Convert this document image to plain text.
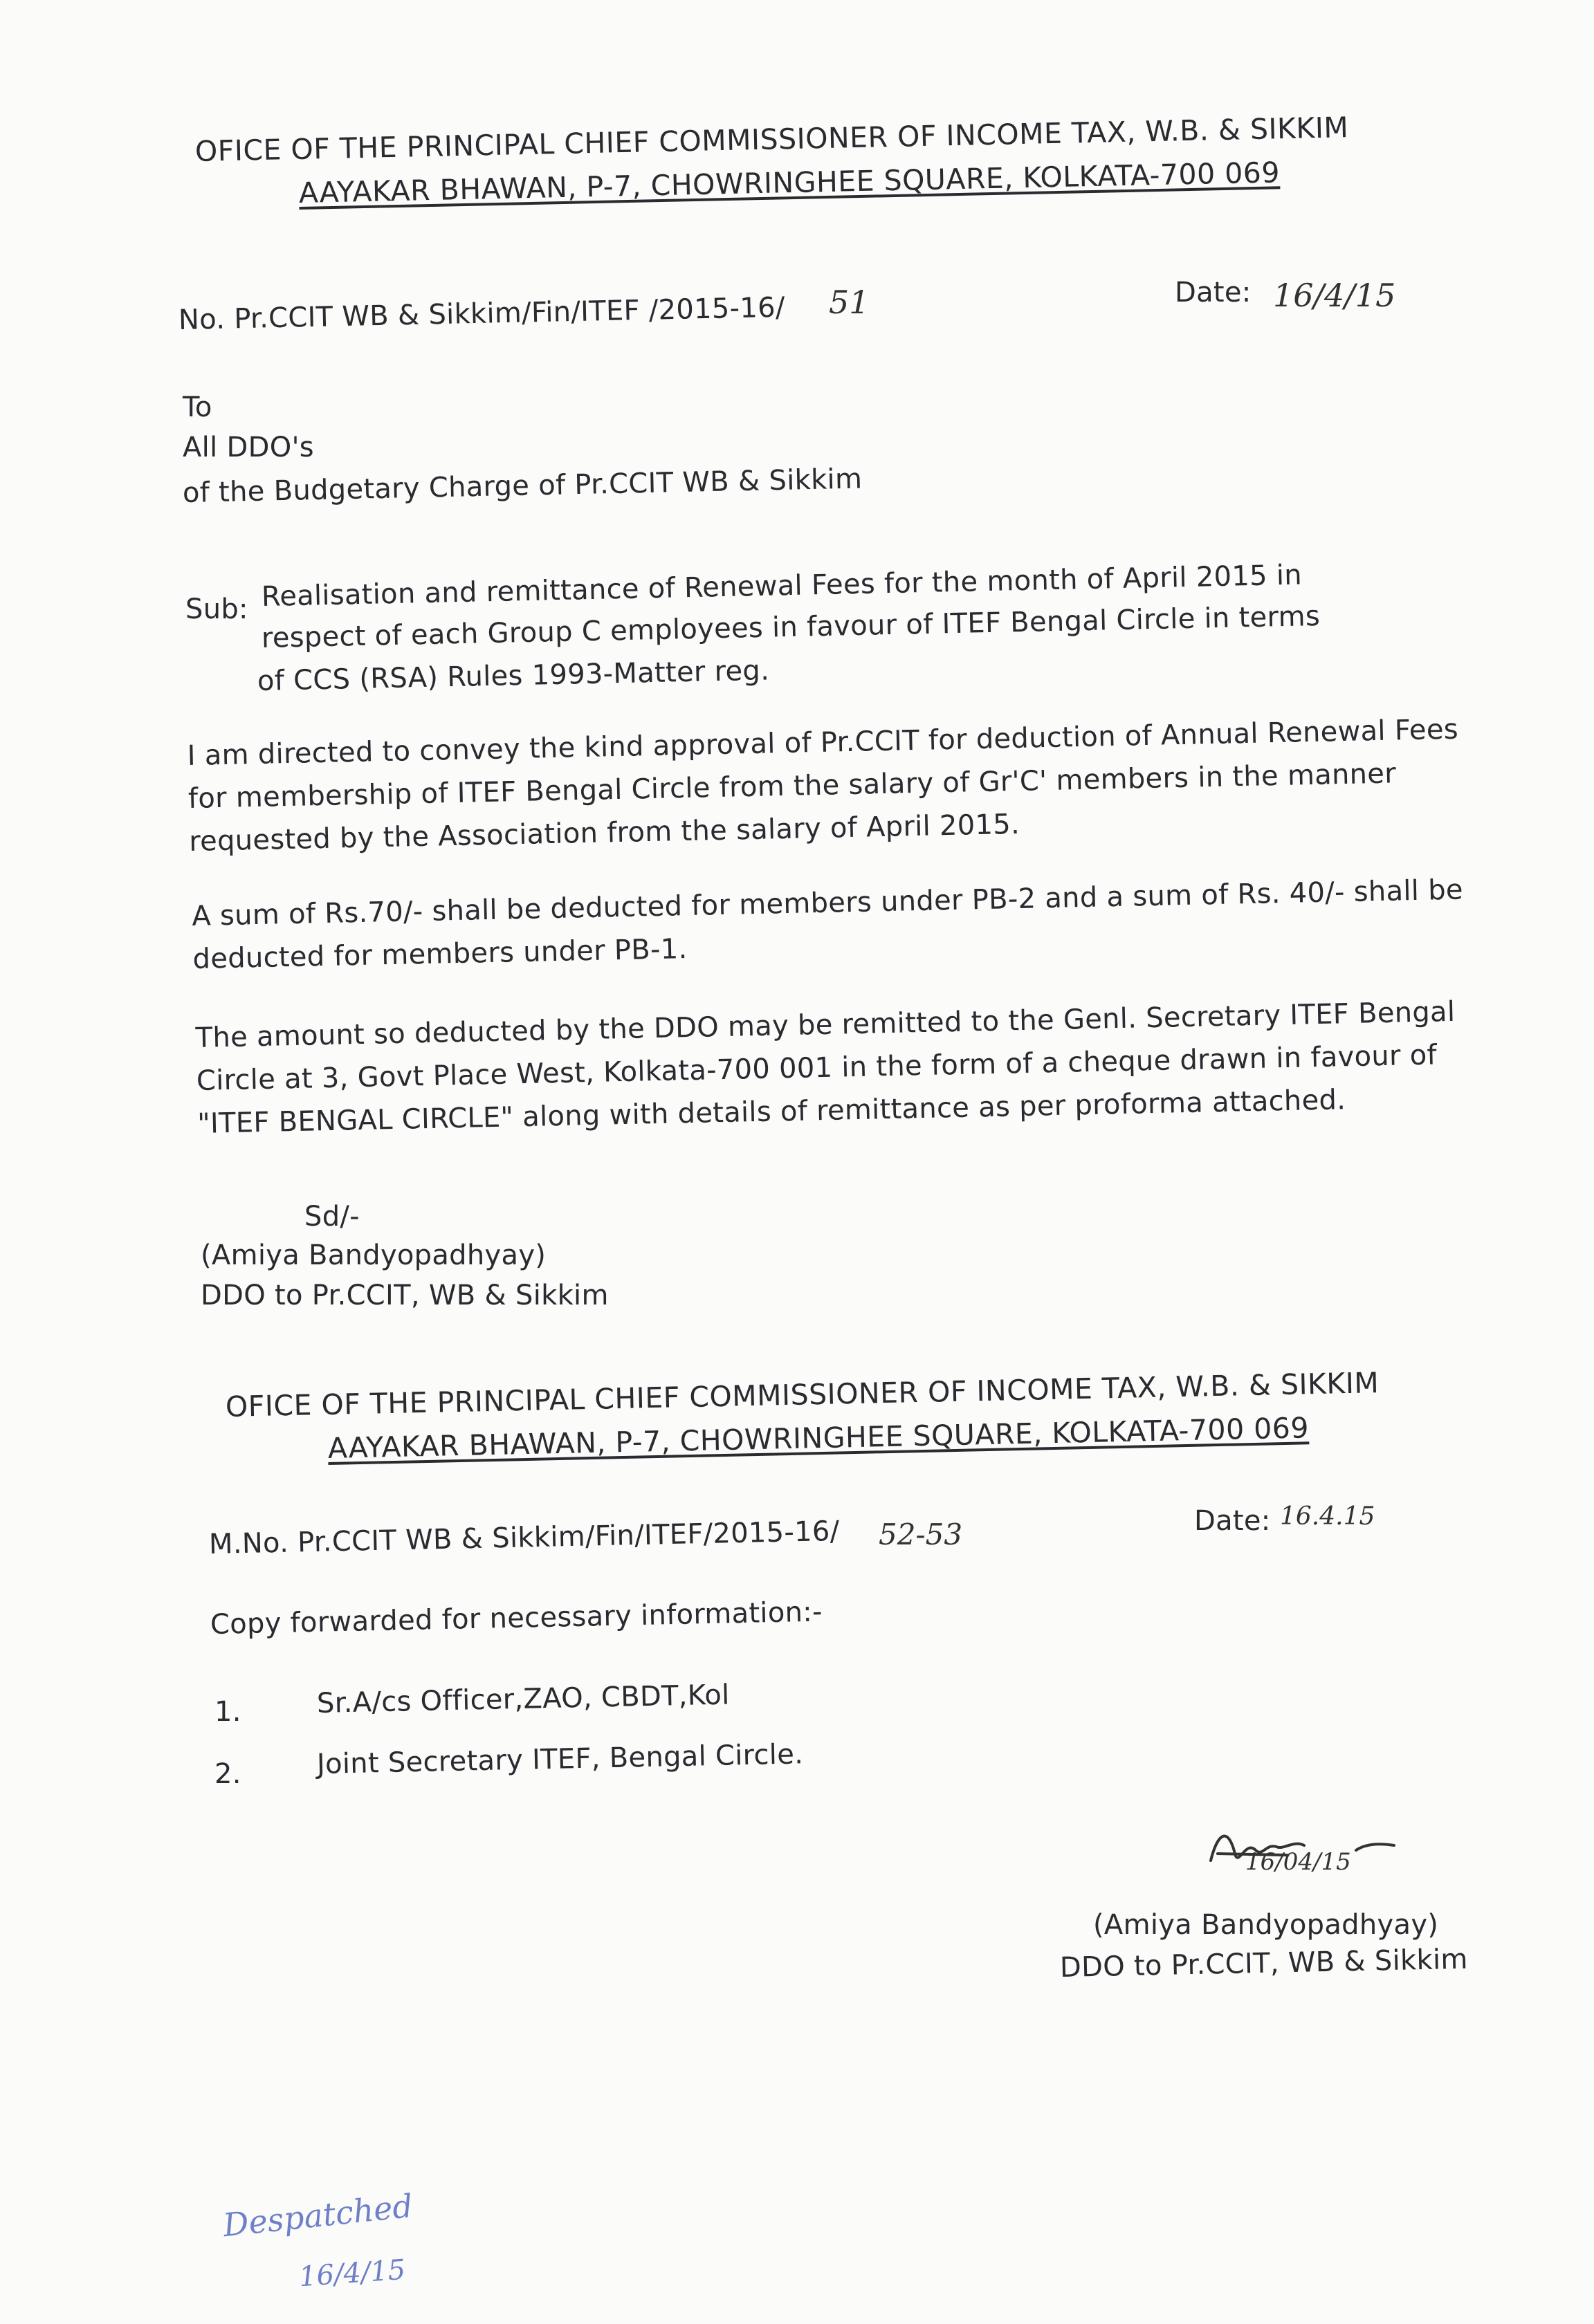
OFICE OF THE PRINCIPAL CHIEF COMMISSIONER OF INCOME TAX, W.B. & SIKKIM
AAYAKAR BHAWAN, P-7, CHOWRINGHEE SQUARE, KOLKATA-700 069
No. Pr.CCIT WB & Sikkim/Fin/ITEF /2015-16/ 51	Date: 16/4/15
To
All DDO's
of the Budgetary Charge of Pr.CCIT WB & Sikkim
Sub: Realisation and remittance of Renewal Fees for the month of April 2015 in
respect of each Group C employees in favour of ITEF Bengal Circle in terms
of CCS (RSA) Rules 1993-Matter reg.
I am directed to convey the kind approval of Pr.CCIT for deduction of Annual Renewal Fees
for membership of ITEF Bengal Circle from the salary of Gr'C' members in the manner
requested by the Association from the salary of April 2015.
A sum of Rs.70/- shall be deducted for members under PB-2 and a sum of Rs. 40/- shall be
deducted for members under PB-1.
The amount so deducted by the DDO may be remitted to the Genl. Secretary ITEF Bengal
Circle at 3, Govt Place West, Kolkata-700 001 in the form of a cheque drawn in favour of
"ITEF BENGAL CIRCLE" along with details of remittance as per proforma attached.
Sd/-
(Amiya Bandyopadhyay)
DDO to Pr.CCIT, WB & Sikkim
OFICE OF THE PRINCIPAL CHIEF COMMISSIONER OF INCOME TAX, W.B. & SIKKIM
AAYAKAR BHAWAN, P-7, CHOWRINGHEE SQUARE, KOLKATA-700 069
M.No. Pr.CCIT WB & Sikkim/Fin/ITEF/2015-16/ 52-53	Date: 16.4.15
Copy forwarded for necessary information:-
1.	Sr.A/cs Officer,ZAO, CBDT,Kol
2.	Joint Secretary ITEF, Bengal Circle.
16/04/15
(Amiya Bandyopadhyay)
DDO to Pr.CCIT, WB & Sikkim
Despatched
16/4/15
